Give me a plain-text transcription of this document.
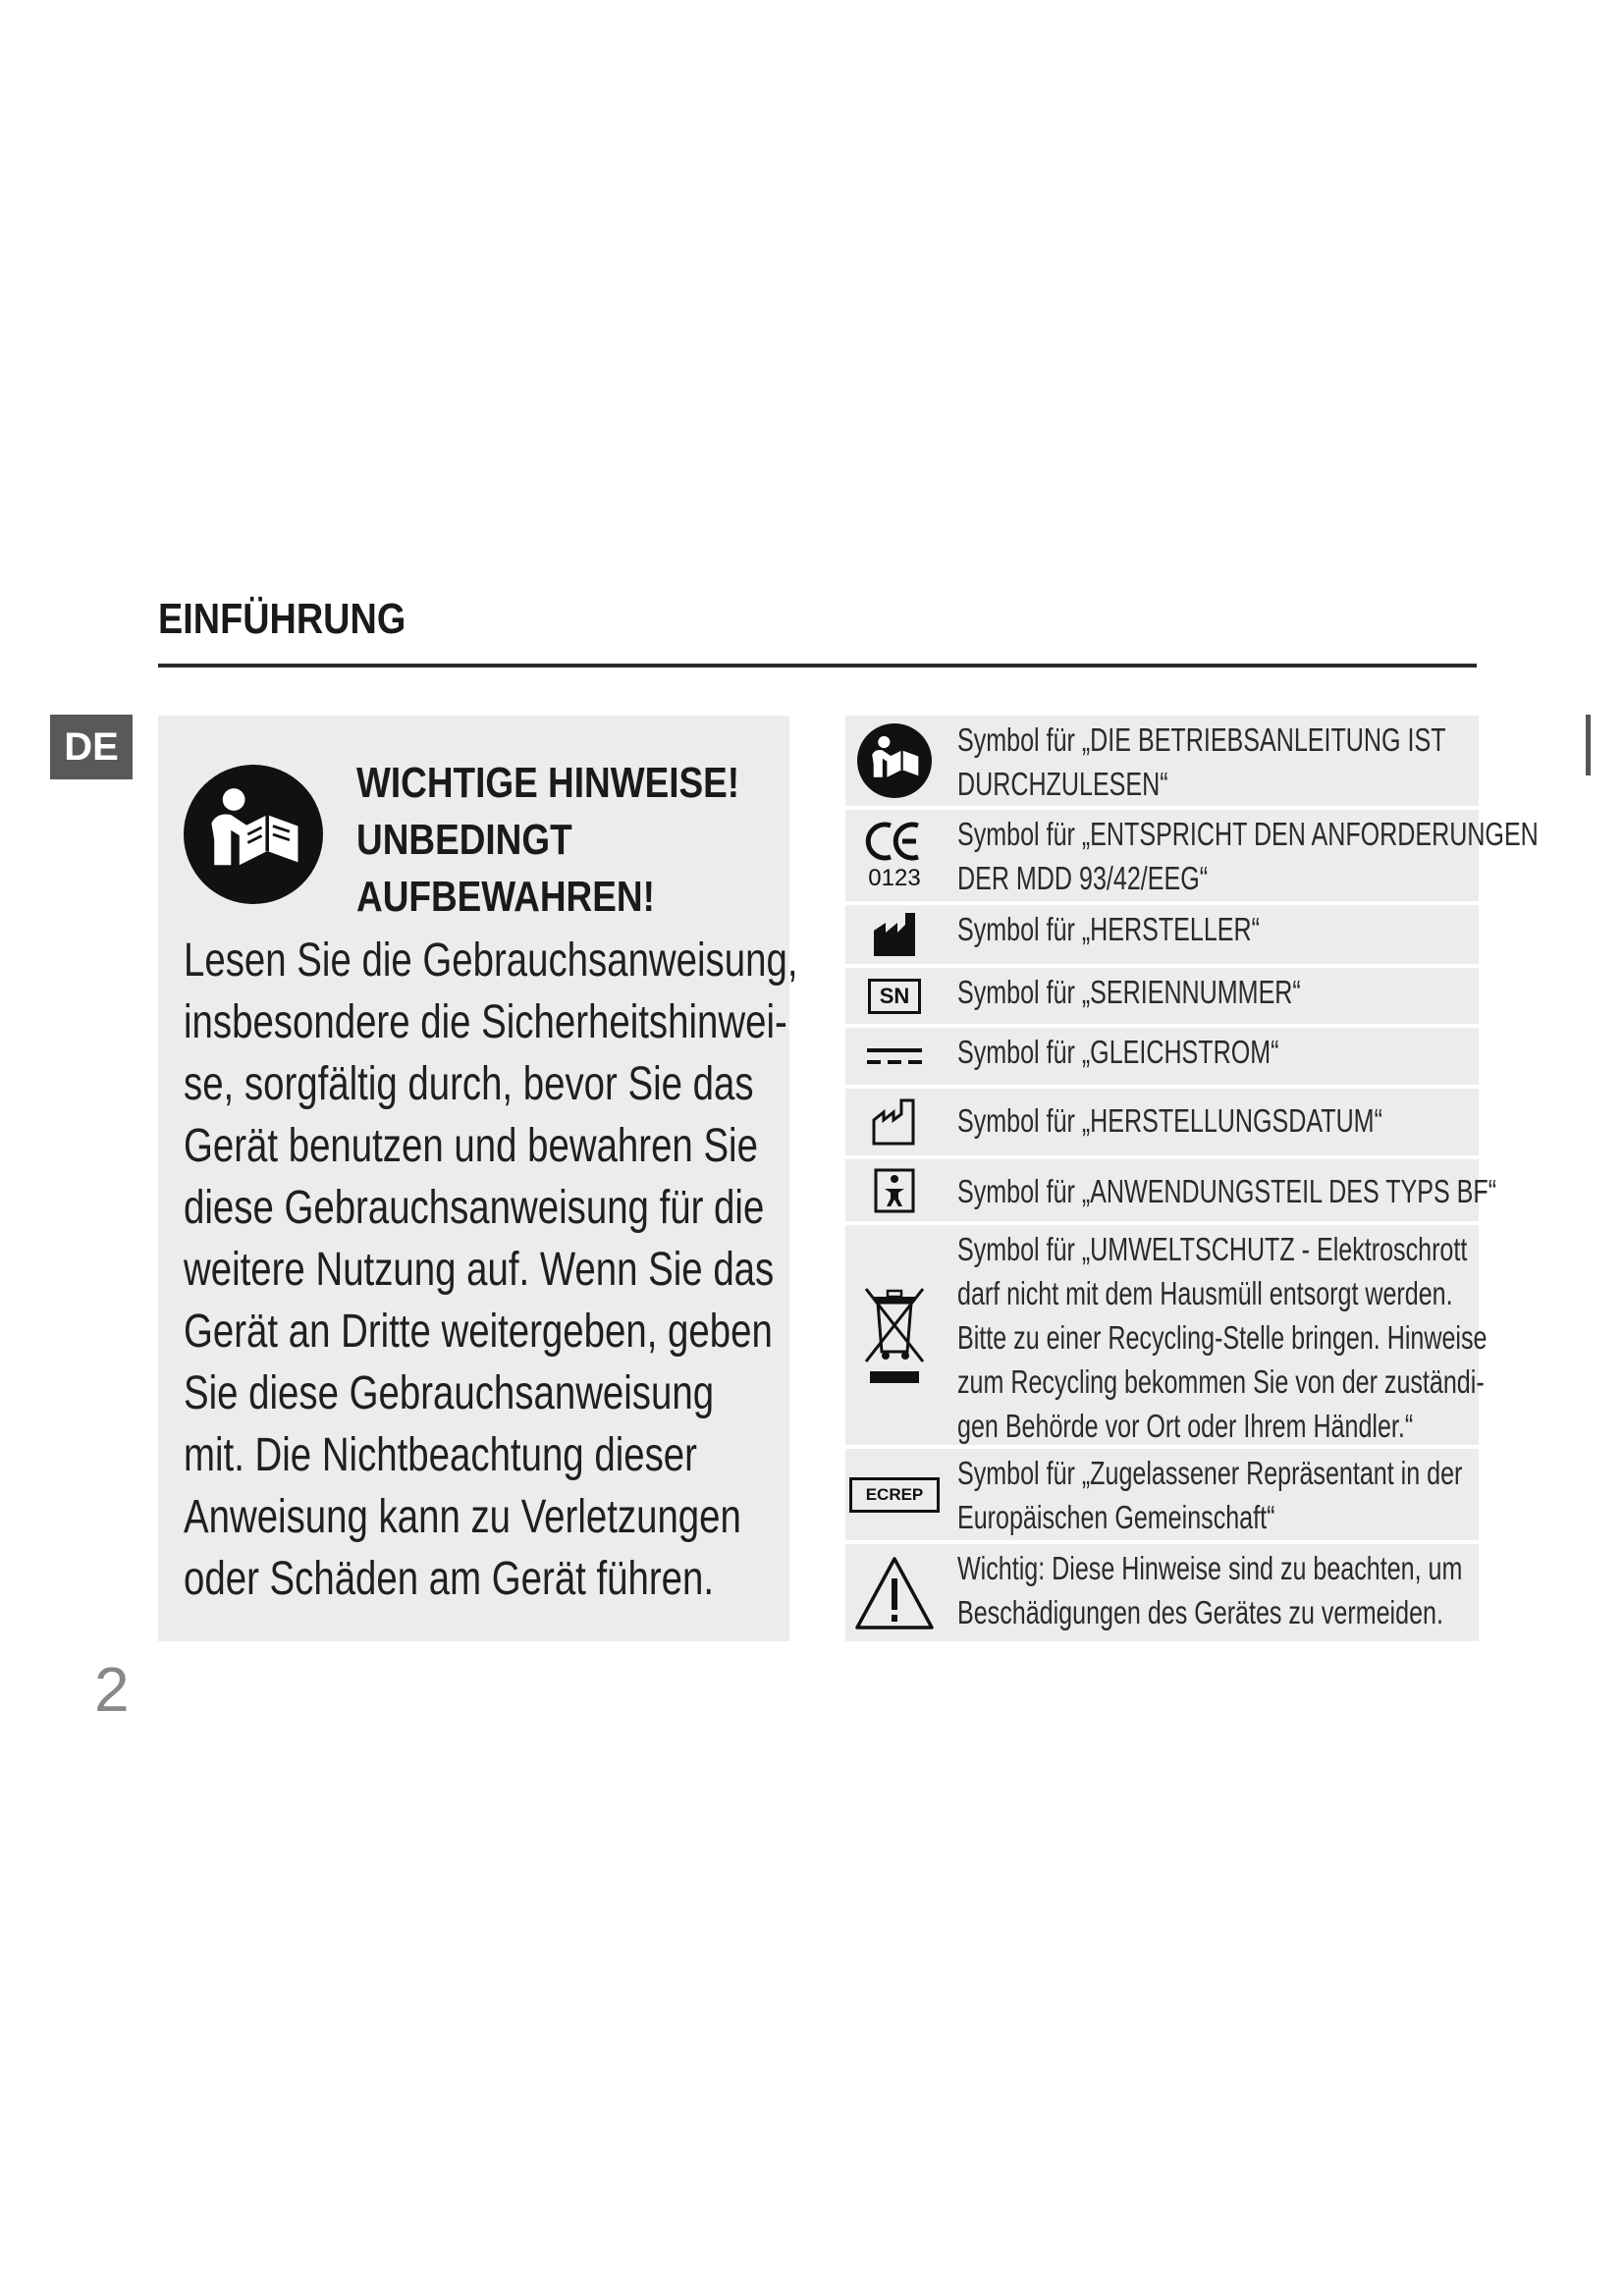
EINFÜHRUNG
DE
WICHTIGE HINWEISE!
UNBEDINGT
AUFBEWAHREN!
Lesen Sie die Gebrauchsanweisung,
insbesondere die Sicherheitshinwei-
se, sorgfältig durch, bevor Sie das
Gerät benutzen und bewahren Sie
diese Gebrauchsanweisung für die
weitere Nutzung auf. Wenn Sie das
Gerät an Dritte weitergeben, geben
Sie diese Gebrauchsanweisung
mit. Die Nichtbeachtung dieser
Anweisung kann zu Verletzungen
oder Schäden am Gerät führen.
Symbol für „DIE BETRIEBSANLEITUNG IST
DURCHZULESEN“
0123
Symbol für „ENTSPRICHT DEN ANFORDERUNGEN
DER MDD 93/42/EEG“
Symbol für „HERSTELLER“
SN Symbol für „SERIENNUMMER“
Symbol für „GLEICHSTROM“
Symbol für „HERSTELLUNGSDATUM“
Symbol für „ANWENDUNGSTEIL DES TYPS BF“
Symbol für „UMWELTSCHUTZ - Elektroschrott
darf nicht mit dem Hausmüll entsorgt werden.
Bitte zu einer Recycling-Stelle bringen. Hinweise
zum Recycling bekommen Sie von der zuständi-
gen Behörde vor Ort oder Ihrem Händler.“
ECREP
Symbol für „Zugelassener Repräsentant in der
Europäischen Gemeinschaft“
Wichtig: Diese Hinweise sind zu beachten, um
Beschädigungen des Gerätes zu vermeiden.
2
